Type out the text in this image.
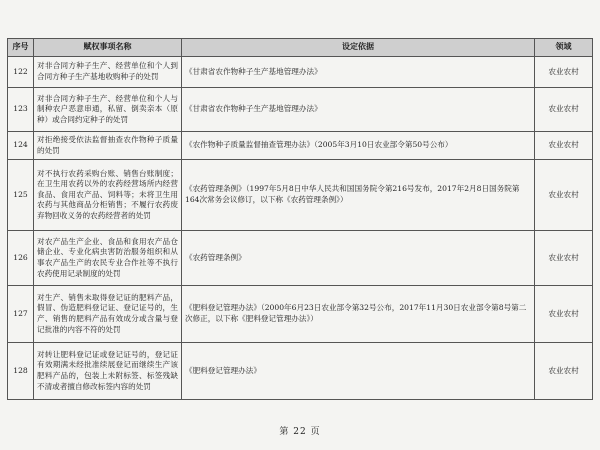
序号	赋权事项名称	设定依据	领域
122	对非合同方种子生产、经营单位和个人到合同方种子生产基地收购种子的处罚	《甘肃省农作物种子生产基地管理办法》	农业农村
123	对非合同方种子生产、经营单位和个人与制种农户恶意串通，私留、倒卖亲本（原种）或合同约定种子的处罚	《甘肃省农作物种子生产基地管理办法》	农业农村
124	对拒绝接受依法监督抽查农作物种子质量的处罚	《农作物种子质量监督抽查管理办法》（2005年3月10日农业部令第50号公布）	农业农村
125	对不执行农药采购台账、销售台账制度；在卫生用农药以外的农药经营场所内经营食品、食用农产品、饲料等；未将卫生用农药与其他商品分柜销售；不履行农药废弃物回收义务的农药经营者的处罚	《农药管理条例》（1997年5月8日中华人民共和国国务院令第216号发布，2017年2月8日国务院第164次常务会议修订，以下称《农药管理条例》）	农业农村
126	对农产品生产企业、食品和食用农产品仓储企业、专业化病虫害防治服务组织和从事农产品生产的农民专业合作社等不执行农药使用记录制度的处罚	《农药管理条例》	农业农村
127	对生产、销售未取得登记证的肥料产品，假冒、伪造肥料登记证、登记证号的，生产、销售的肥料产品有效成分或含量与登记批准的内容不符的处罚	《肥料登记管理办法》（2000年6月23日农业部令第32号公布，2017年11月30日农业部令第8号第二次修正，以下称《肥料登记管理办法》）	农业农村
128	对转让肥料登记证或登记证号的，登记证有效期满未经批准续展登记而继续生产该肥料产品的，包装上未附标签、标签残缺不清或者擅自修改标签内容的处罚	《肥料登记管理办法》	农业农村
第 22 页
